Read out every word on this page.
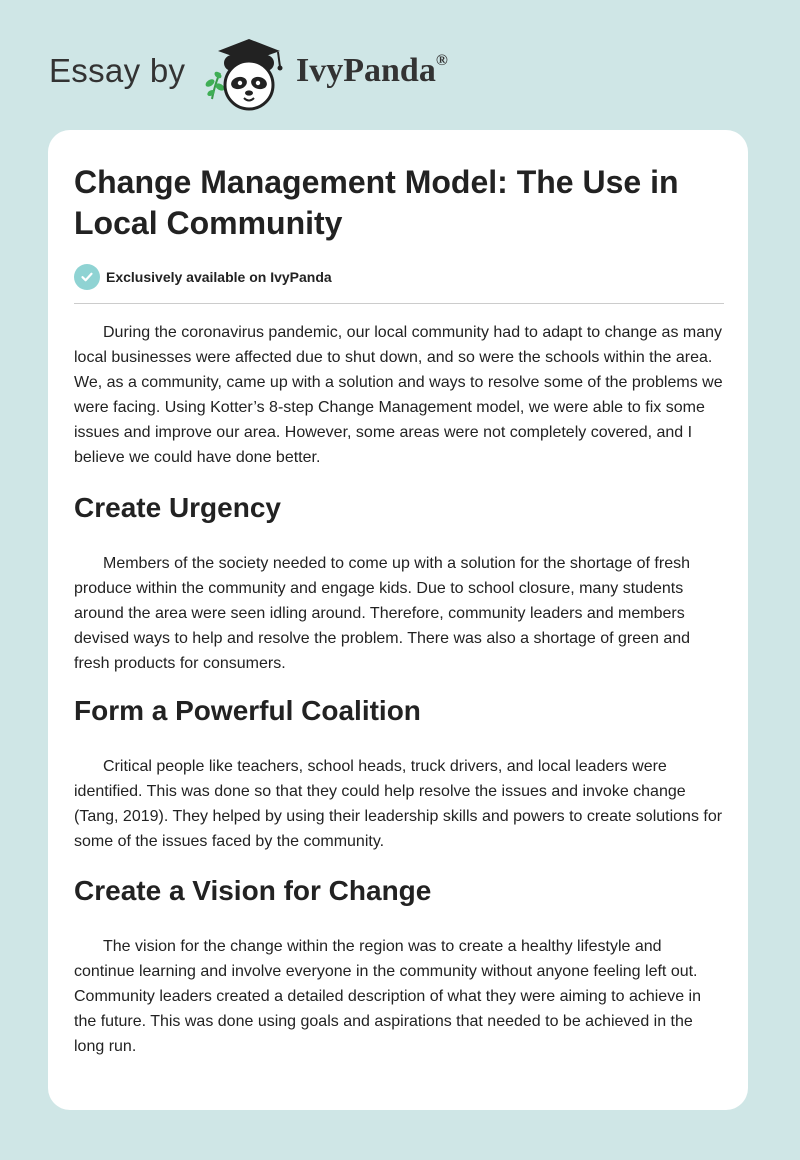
Essay by	IvyPanda®
Change Management Model: The Use in Local Community
Exclusively available on IvyPanda

During the coronavirus pandemic, our local community had to adapt to change as many local businesses were affected due to shut down, and so were the schools within the area. We, as a community, came up with a solution and ways to resolve some of the problems we were facing. Using Kotter’s 8-step Change Management model, we were able to fix some issues and improve our area. However, some areas were not completely covered, and I believe we could have done better.

Create Urgency

Members of the society needed to come up with a solution for the shortage of fresh produce within the community and engage kids. Due to school closure, many students around the area were seen idling around. Therefore, community leaders and members devised ways to help and resolve the problem. There was also a shortage of green and fresh products for consumers.

Form a Powerful Coalition

Critical people like teachers, school heads, truck drivers, and local leaders were identified. This was done so that they could help resolve the issues and invoke change (Tang, 2019). They helped by using their leadership skills and powers to create solutions for some of the issues faced by the community.

Create a Vision for Change

The vision for the change within the region was to create a healthy lifestyle and continue learning and involve everyone in the community without anyone feeling left out. Community leaders created a detailed description of what they were aiming to achieve in the future. This was done using goals and aspirations that needed to be achieved in the long run.
